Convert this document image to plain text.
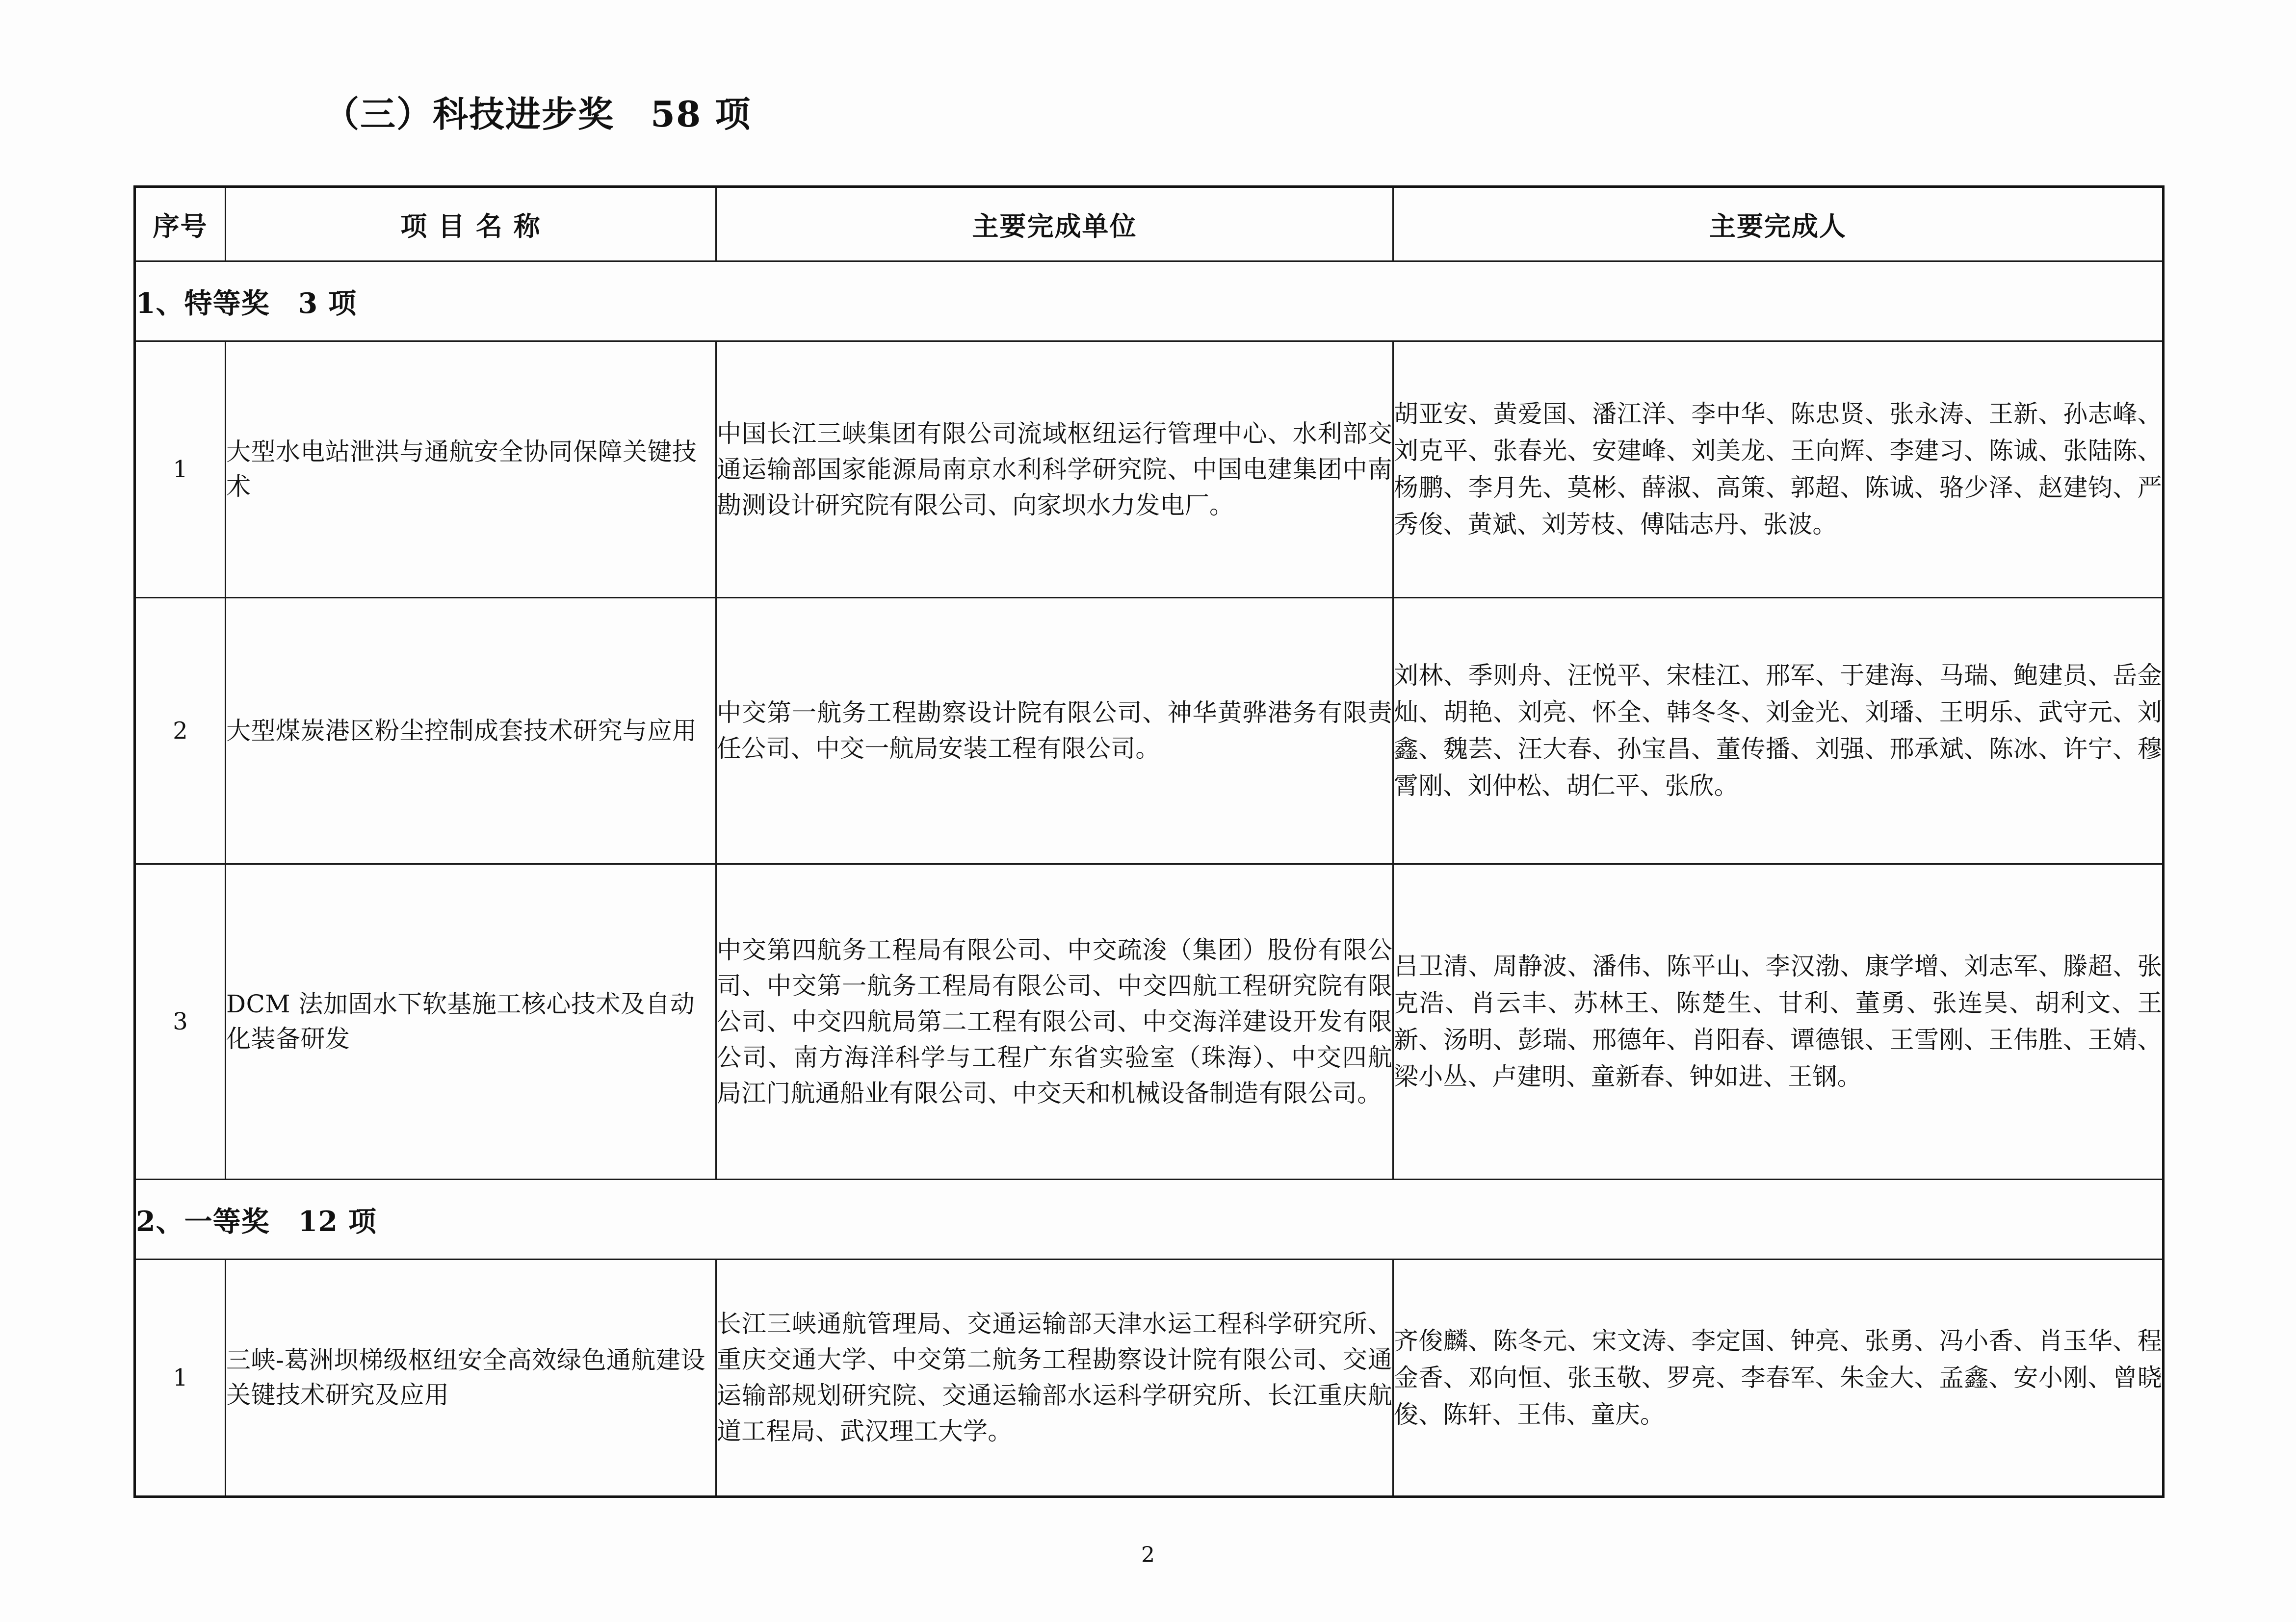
（三）科技进步奖　58 项
序号	项 目 名 称	主要完成单位	主要完成人
1、特等奖　3 项			
1	大型水电站泄洪与通航安全协同保障关键技术	中国长江三峡集团有限公司流域枢纽运行管理中心、水利部交通运输部国家能源局南京水利科学研究院、中国电建集团中南勘测设计研究院有限公司、向家坝水力发电厂。	胡亚安、黄爱国、潘江洋、李中华、陈忠贤、张永涛、王新、孙志峰、刘克平、张春光、安建峰、刘美龙、王向辉、李建习、陈诚、张陆陈、杨鹏、李月先、莫彬、薛淑、高策、郭超、陈诚、骆少泽、赵建钧、严秀俊、黄斌、刘芳枝、傅陆志丹、张波。
2	大型煤炭港区粉尘控制成套技术研究与应用	中交第一航务工程勘察设计院有限公司、神华黄骅港务有限责任公司、中交一航局安装工程有限公司。	刘林、季则舟、汪悦平、宋桂江、邢军、于建海、马瑞、鲍建员、岳金灿、胡艳、刘亮、怀全、韩冬冬、刘金光、刘璠、王明乐、武守元、刘鑫、魏芸、汪大春、孙宝昌、董传播、刘强、邢承斌、陈冰、许宁、穆霄刚、刘仲松、胡仁平、张欣。
3	DCM 法加固水下软基施工核心技术及自动化装备研发	中交第四航务工程局有限公司、中交疏浚（集团）股份有限公司、中交第一航务工程局有限公司、中交四航工程研究院有限公司、中交四航局第二工程有限公司、中交海洋建设开发有限公司、南方海洋科学与工程广东省实验室（珠海）、中交四航局江门航通船业有限公司、中交天和机械设备制造有限公司。	吕卫清、周静波、潘伟、陈平山、李汉渤、康学增、刘志军、滕超、张克浩、肖云丰、苏林王、陈楚生、甘利、董勇、张连昊、胡利文、王新、汤明、彭瑞、邢德年、肖阳春、谭德银、王雪刚、王伟胜、王婧、梁小丛、卢建明、童新春、钟如进、王钢。
2、一等奖　12 项			
1	三峡-葛洲坝梯级枢纽安全高效绿色通航建设关键技术研究及应用	长江三峡通航管理局、交通运输部天津水运工程科学研究所、重庆交通大学、中交第二航务工程勘察设计院有限公司、交通运输部规划研究院、交通运输部水运科学研究所、长江重庆航道工程局、武汉理工大学。	齐俊麟、陈冬元、宋文涛、李定国、钟亮、张勇、冯小香、肖玉华、程金香、邓向恒、张玉敬、罗亮、李春军、朱金大、孟鑫、安小刚、曾晓俊、陈轩、王伟、童庆。
2
